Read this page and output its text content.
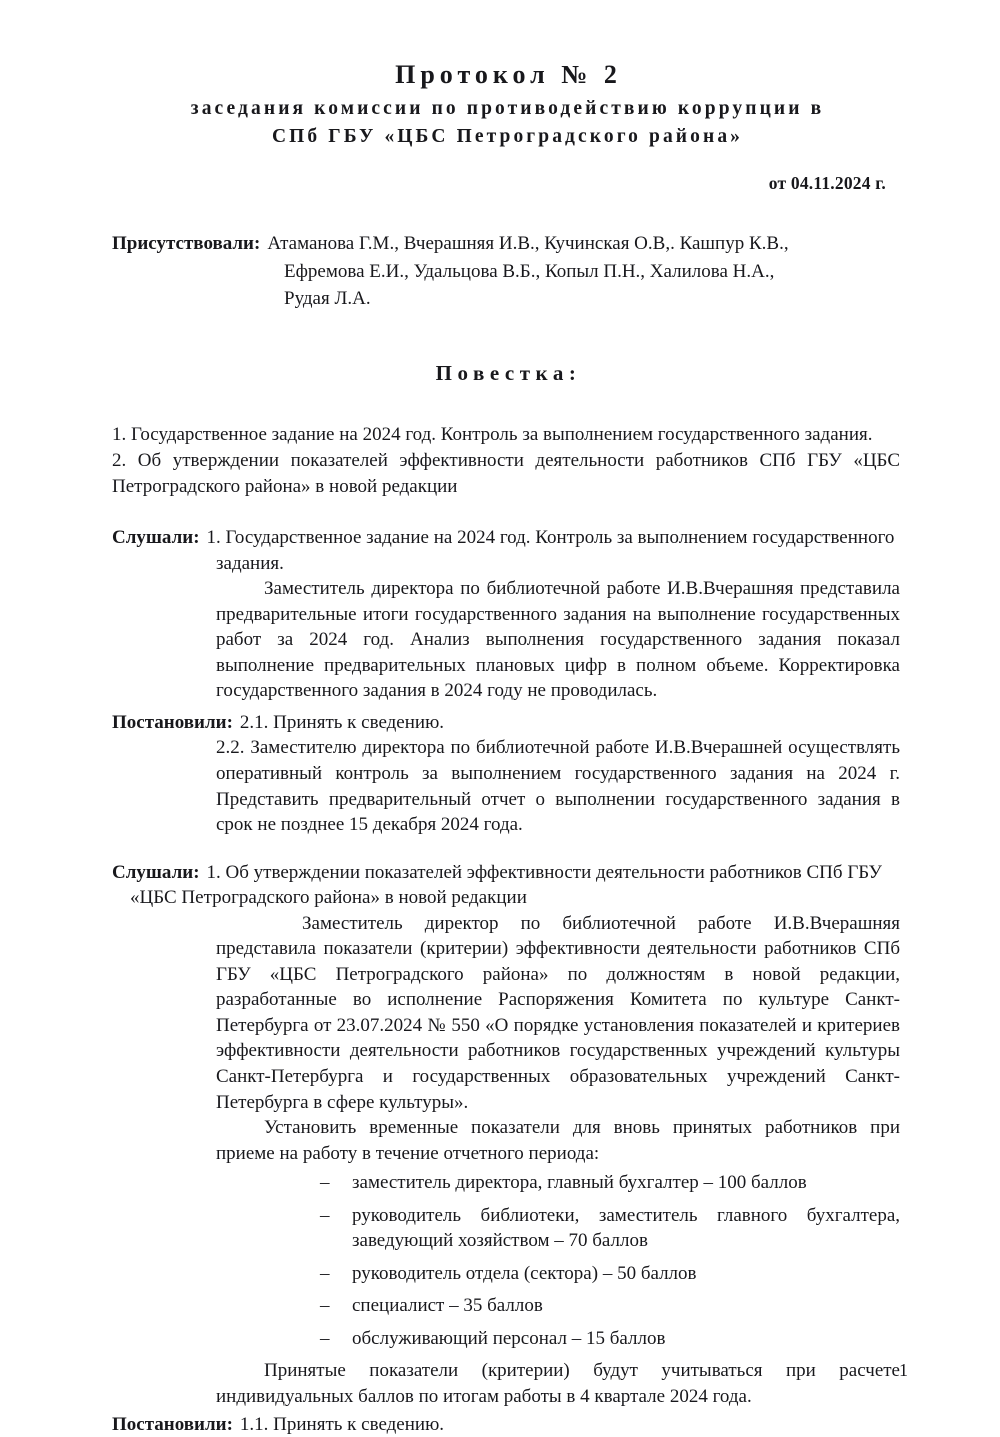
Протокол № 2
заседания комиссии по противодействию коррупции в
СПб ГБУ «ЦБС Петроградского района»
от 04.11.2024 г.
Присутствовали: Атаманова Г.М., Вчерашняя И.В., Кучинская О.В,. Кашпур К.В.,
Ефремова Е.И., Удальцова В.Б., Копыл П.Н., Халилова Н.А.,
Рудая Л.А.
Повестка:
1. Государственное задание на 2024 год. Контроль за выполнением государственного задания.
2. Об утверждении показателей эффективности деятельности работников СПб ГБУ «ЦБС Петроградского района» в новой редакции
Слушали: 1. Государственное задание на 2024 год. Контроль за выполнением государственного
задания.
Заместитель директора по библиотечной работе И.В.Вчерашняя представила предварительные итоги государственного задания на выполнение государственных работ за 2024 год. Анализ выполнения государственного задания показал выполнение предварительных плановых цифр в полном объеме. Корректировка государственного задания в 2024 году не проводилась.
Постановили: 2.1. Принять к сведению.
2.2. Заместителю директора по библиотечной работе И.В.Вчерашней осуществлять оперативный контроль за выполнением государственного задания на 2024 г. Представить предварительный отчет о выполнении государственного задания в срок не позднее 15 декабря 2024 года.
Слушали: 1. Об утверждении показателей эффективности деятельности работников СПб ГБУ
«ЦБС Петроградского района» в новой редакции
Заместитель директор по библиотечной работе И.В.Вчерашняя представила показатели (критерии) эффективности деятельности работников СПб ГБУ «ЦБС Петроградского района» по должностям в новой редакции, разработанные во исполнение Распоряжения Комитета по культуре Санкт-Петербурга от 23.07.2024 № 550 «О порядке установления показателей и критериев эффективности деятельности работников государственных учреждений культуры Санкт-Петербурга и государственных образовательных учреждений Санкт-Петербурга в сфере культуры».
Установить временные показатели для вновь принятых работников при приеме на работу в течение отчетного периода:
–	заместитель директора, главный бухгалтер – 100 баллов
–	руководитель библиотеки, заместитель главного бухгалтера, заведующий хозяйством – 70 баллов
–	руководитель отдела (сектора) – 50 баллов
–	специалист – 35 баллов
–	обслуживающий персонал – 15 баллов
Принятые показатели (критерии) будут учитываться при расчете индивидуальных баллов по итогам работы в 4 квартале 2024 года.
Постановили: 1.1. Принять к сведению.
1
